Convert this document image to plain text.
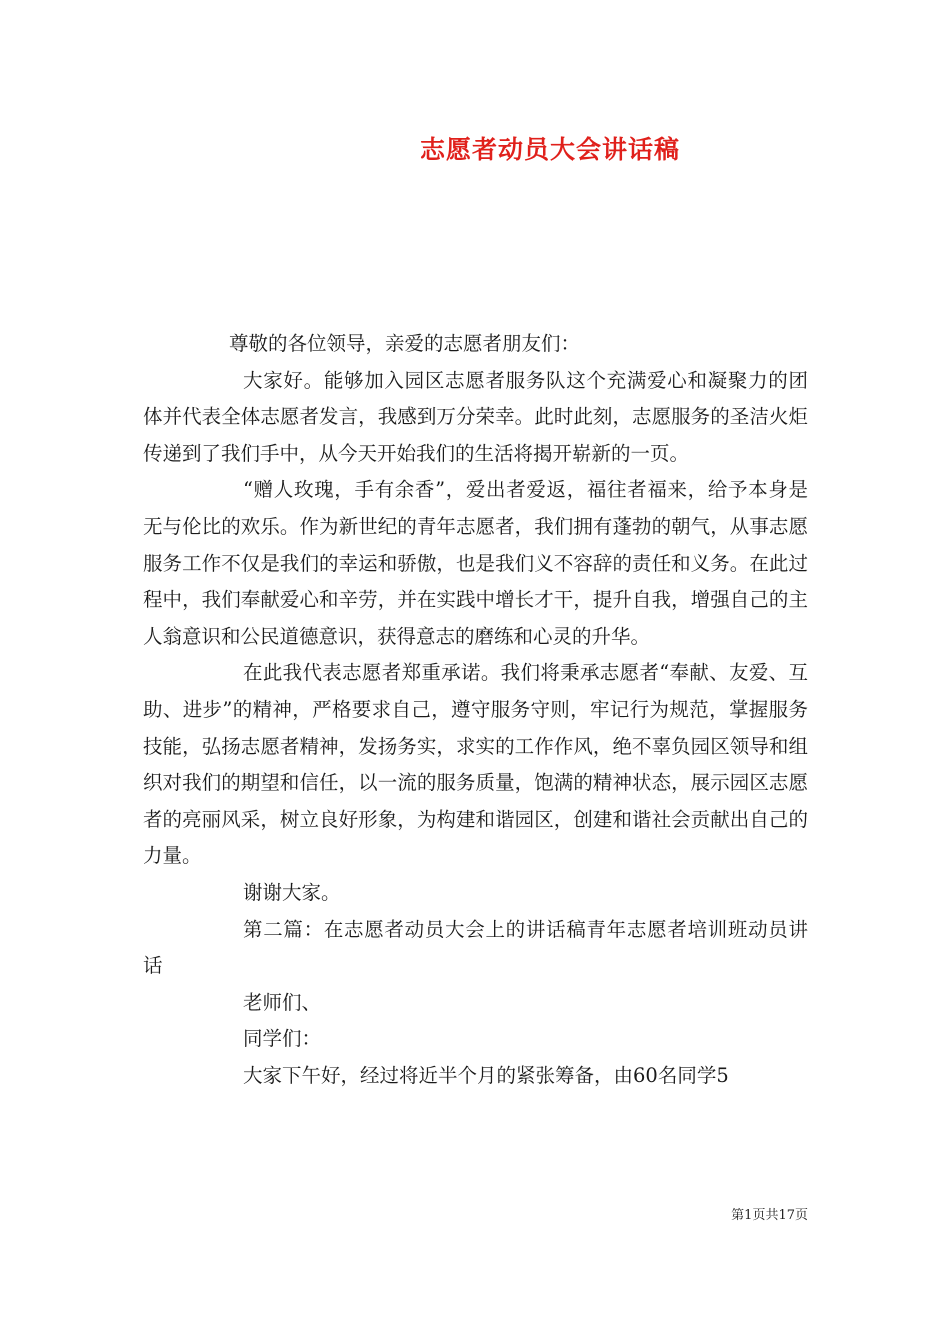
志愿者动员大会讲话稿

尊敬的各位领导，亲爱的志愿者朋友们：

大家好。能够加入园区志愿者服务队这个充满爱心和凝聚力的团体并代表全体志愿者发言，我感到万分荣幸。此时此刻，志愿服务的圣洁火炬传递到了我们手中，从今天开始我们的生活将揭开崭新的一页。

“赠人玫瑰，手有余香”，爱出者爱返，福往者福来，给予本身是无与伦比的欢乐。作为新世纪的青年志愿者，我们拥有蓬勃的朝气，从事志愿服务工作不仅是我们的幸运和骄傲，也是我们义不容辞的责任和义务。在此过程中，我们奉献爱心和辛劳，并在实践中增长才干，提升自我，增强自己的主人翁意识和公民道德意识，获得意志的磨练和心灵的升华。

在此我代表志愿者郑重承诺。我们将秉承志愿者“奉献、友爱、互助、进步”的精神，严格要求自己，遵守服务守则，牢记行为规范，掌握服务技能，弘扬志愿者精神，发扬务实，求实的工作作风，绝不辜负园区领导和组织对我们的期望和信任，以一流的服务质量，饱满的精神状态，展示园区志愿者的亮丽风采，树立良好形象，为构建和谐园区，创建和谐社会贡献出自己的力量。

谢谢大家。

第二篇：在志愿者动员大会上的讲话稿青年志愿者培训班动员讲话

老师们、

同学们：

大家下午好，经过将近半个月的紧张筹备，由60名同学5

第1页共17页
